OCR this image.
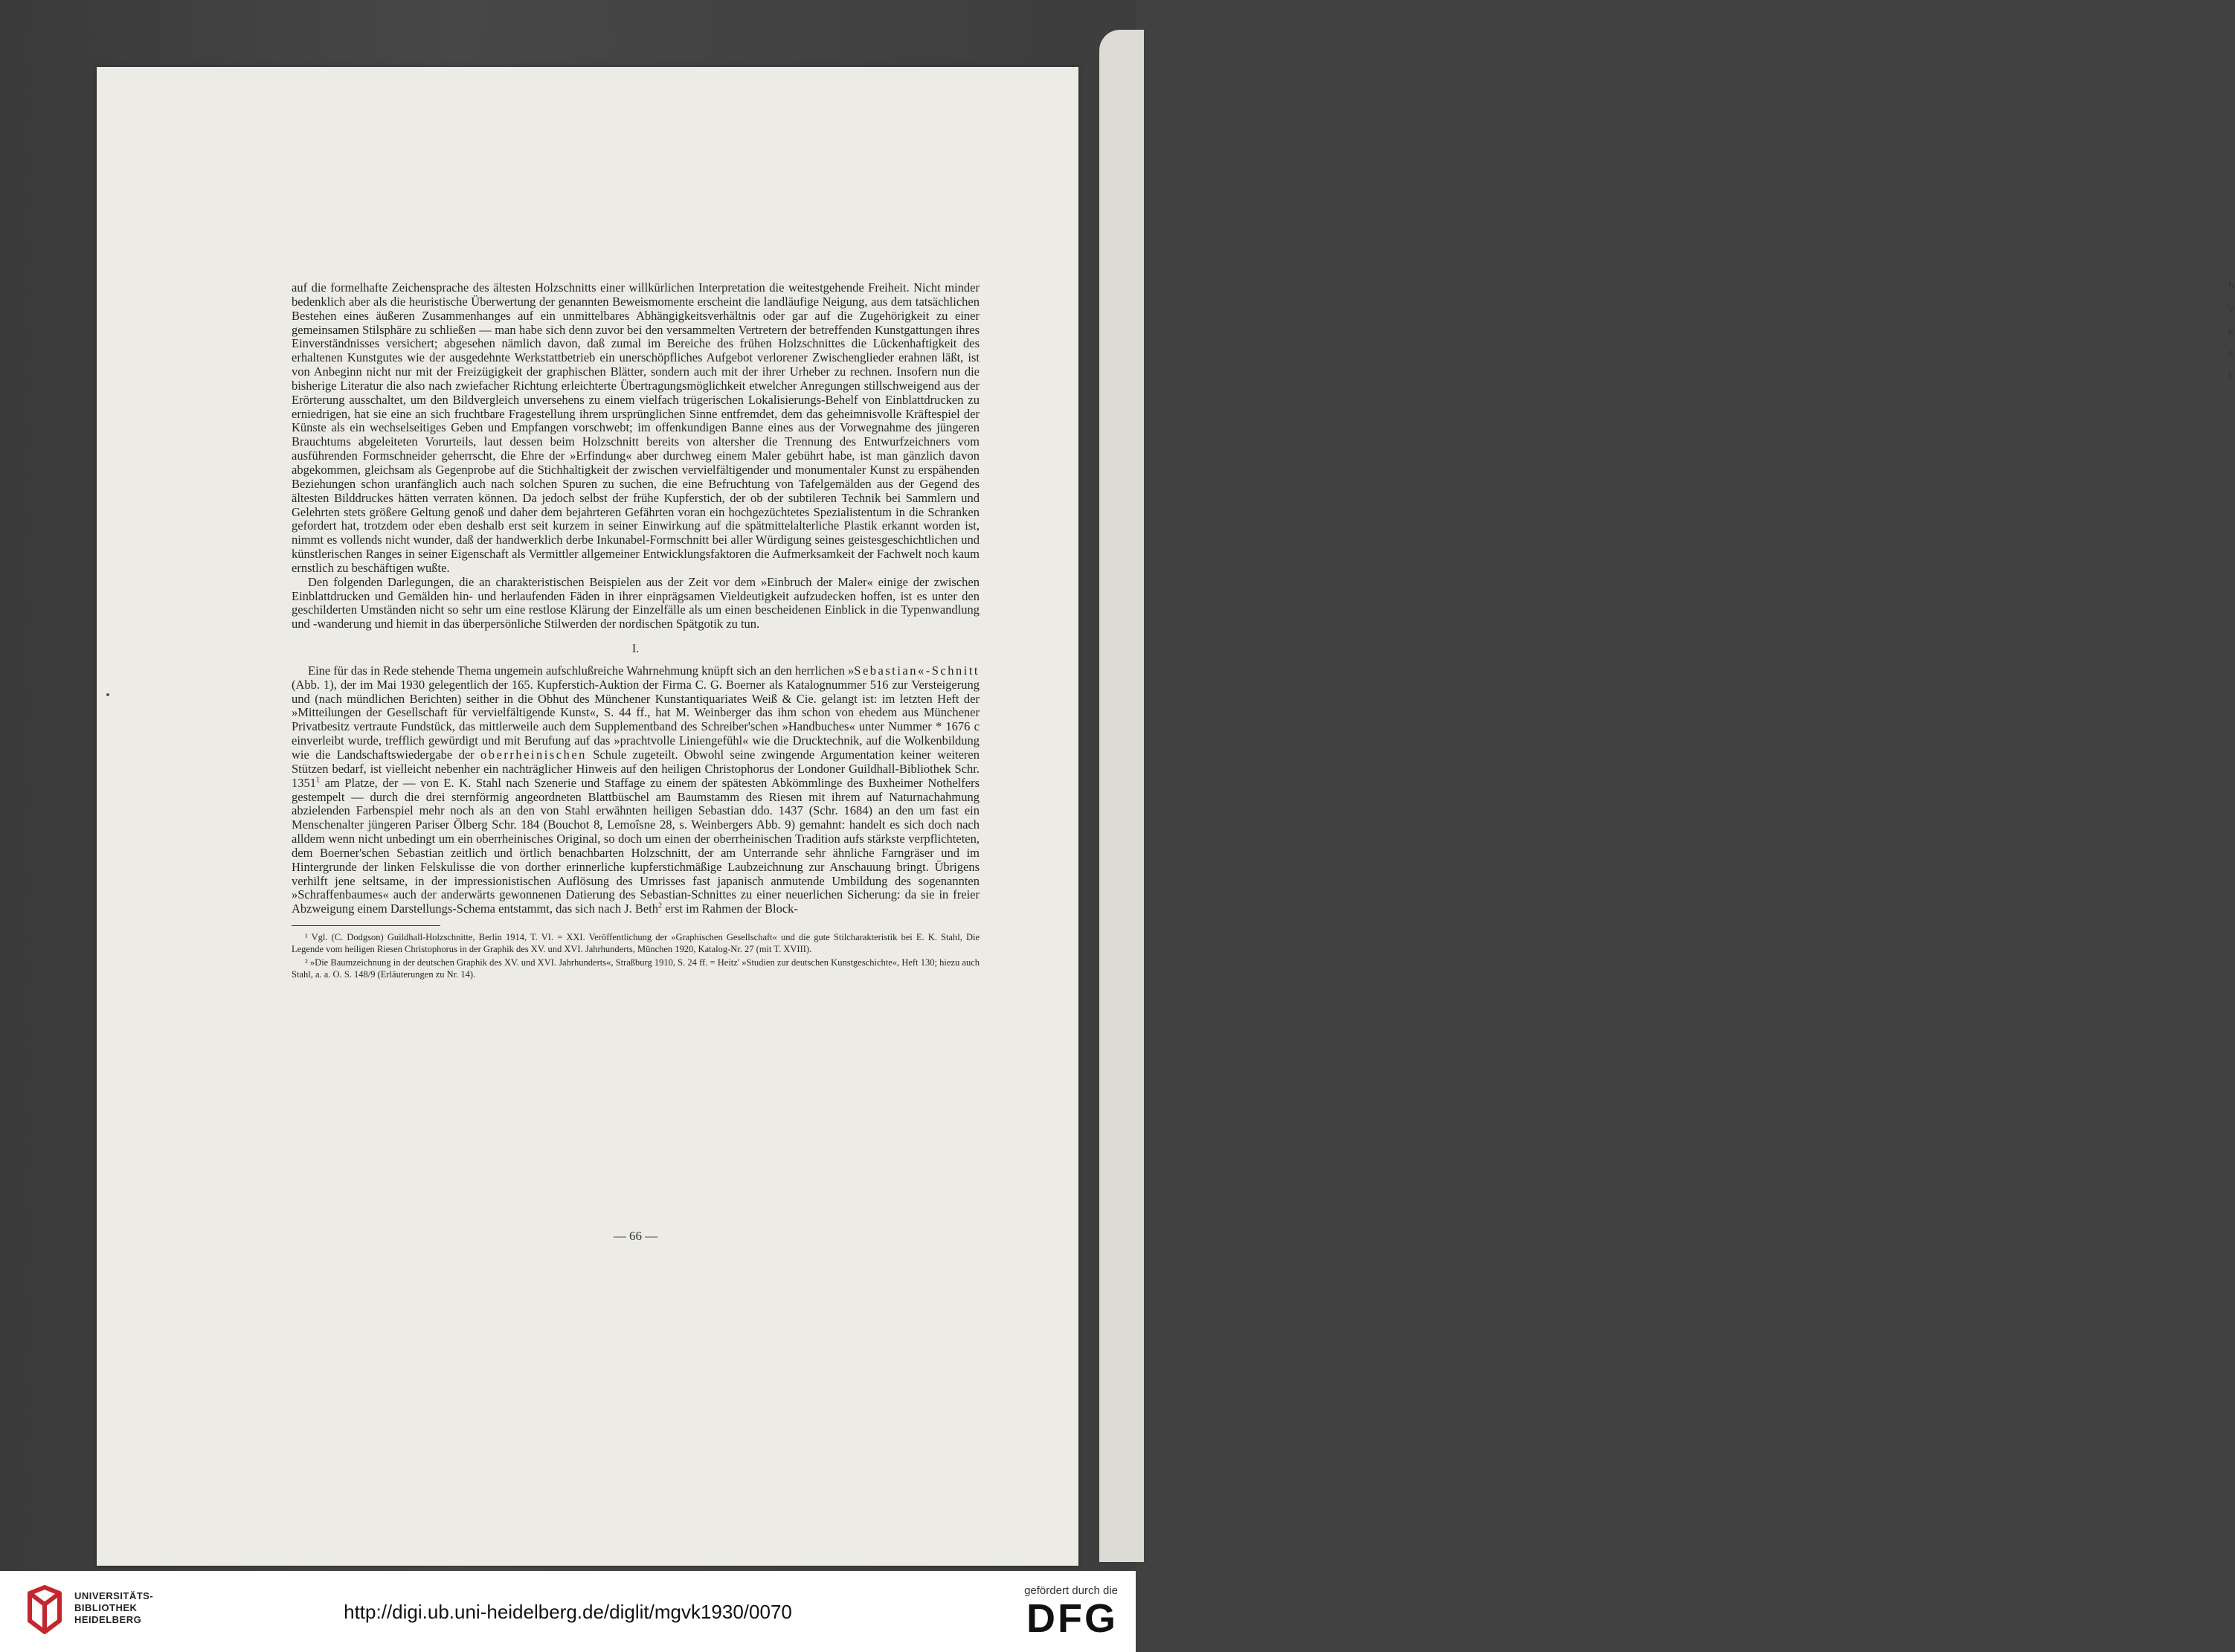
b v e a l

auf die formelhafte Zeichensprache des ältesten Holzschnitts einer willkürlichen Interpretation die weitestgehende Freiheit. Nicht minder bedenklich aber als die heuristische Überwertung der genannten Beweismomente erscheint die landläufige Neigung, aus dem tatsächlichen Bestehen eines äußeren Zusammenhanges auf ein unmittelbares Abhängigkeitsverhältnis oder gar auf die Zugehörigkeit zu einer gemeinsamen Stilsphäre zu schließen — man habe sich denn zuvor bei den versammelten Vertretern der betreffenden Kunstgattungen ihres Einverständnisses versichert; abgesehen nämlich davon, daß zumal im Bereiche des frühen Holzschnittes die Lückenhaftigkeit des erhaltenen Kunstgutes wie der ausgedehnte Werkstattbetrieb ein unerschöpfliches Aufgebot verlorener Zwischenglieder erahnen läßt, ist von Anbeginn nicht nur mit der Freizügigkeit der graphischen Blätter, sondern auch mit der ihrer Urheber zu rechnen. Insofern nun die bisherige Literatur die also nach zwiefacher Richtung erleichterte Übertragungsmöglichkeit etwelcher Anregungen stillschweigend aus der Erörterung ausschaltet, um den Bildvergleich unversehens zu einem vielfach trügerischen Lokalisierungs-Behelf von Einblattdrucken zu erniedrigen, hat sie eine an sich fruchtbare Fragestellung ihrem ursprünglichen Sinne entfremdet, dem das geheimnisvolle Kräftespiel der Künste als ein wechselseitiges Geben und Empfangen vorschwebt; im offenkundigen Banne eines aus der Vorwegnahme des jüngeren Brauchtums abgeleiteten Vorurteils, laut dessen beim Holzschnitt bereits von altersher die Trennung des Entwurfzeichners vom ausführenden Formschneider geherrscht, die Ehre der »Erfindung« aber durchweg einem Maler gebührt habe, ist man gänzlich davon abgekommen, gleichsam als Gegenprobe auf die Stichhaltigkeit der zwischen vervielfältigender und monumentaler Kunst zu erspähenden Beziehungen schon uranfänglich auch nach solchen Spuren zu suchen, die eine Befruchtung von Tafelgemälden aus der Gegend des ältesten Bilddruckes hätten verraten können. Da jedoch selbst der frühe Kupferstich, der ob der subtileren Technik bei Sammlern und Gelehrten stets größere Geltung genoß und daher dem bejahrteren Gefährten voran ein hochgezüchtetes Spezialistentum in die Schranken gefordert hat, trotzdem oder eben deshalb erst seit kurzem in seiner Einwirkung auf die spätmittelalterliche Plastik erkannt worden ist, nimmt es vollends nicht wunder, daß der handwerklich derbe Inkunabel-Formschnitt bei aller Würdigung seines geistesgeschichtlichen und künstlerischen Ranges in seiner Eigenschaft als Vermittler allgemeiner Entwicklungsfaktoren die Aufmerksamkeit der Fachwelt noch kaum ernstlich zu beschäftigen wußte.

Den folgenden Darlegungen, die an charakteristischen Beispielen aus der Zeit vor dem »Einbruch der Maler« einige der zwischen Einblattdrucken und Gemälden hin- und herlaufenden Fäden in ihrer einprägsamen Vieldeutigkeit aufzudecken hoffen, ist es unter den geschilderten Umständen nicht so sehr um eine restlose Klärung der Einzelfälle als um einen bescheidenen Einblick in die Typenwandlung und -wanderung und hiemit in das überpersönliche Stilwerden der nordischen Spätgotik zu tun.

I.

Eine für das in Rede stehende Thema ungemein aufschlußreiche Wahrnehmung knüpft sich an den herrlichen »Sebastian«-Schnitt (Abb. 1), der im Mai 1930 gelegentlich der 165. Kupferstich-Auktion der Firma C. G. Boerner als Katalognummer 516 zur Versteigerung und (nach mündlichen Berichten) seither in die Obhut des Münchener Kunstantiquariates Weiß & Cie. gelangt ist: im letzten Heft der »Mitteilungen der Gesellschaft für vervielfältigende Kunst«, S. 44 ff., hat M. Weinberger das ihm schon von ehedem aus Münchener Privatbesitz vertraute Fundstück, das mittlerweile auch dem Supplementband des Schreiber'schen »Handbuches« unter Nummer * 1676 c einverleibt wurde, trefflich gewürdigt und mit Berufung auf das »prachtvolle Liniengefühl« wie die Drucktechnik, auf die Wolkenbildung wie die Landschaftswiedergabe der oberrheinischen Schule zugeteilt. Obwohl seine zwingende Argumentation keiner weiteren Stützen bedarf, ist vielleicht nebenher ein nachträglicher Hinweis auf den heiligen Christophorus der Londoner Guildhall-Bibliothek Schr. 1351$^1$ am Platze, der — von E. K. Stahl nach Szenerie und Staffage zu einem der spätesten Abkömmlinge des Buxheimer Nothelfers gestempelt — durch die drei sternförmig angeordneten Blattbüschel am Baumstamm des Riesen mit ihrem auf Naturnachahmung abzielenden Farbenspiel mehr noch als an den von Stahl erwähnten heiligen Sebastian ddo. 1437 (Schr. 1684) an den um fast ein Menschenalter jüngeren Pariser Ölberg Schr. 184 (Bouchot 8, Lemoîsne 28, s. Weinbergers Abb. 9) gemahnt: handelt es sich doch nach alldem wenn nicht unbedingt um ein oberrheinisches Original, so doch um einen der oberrheinischen Tradition aufs stärkste verpflichteten, dem Boerner'schen Sebastian zeitlich und örtlich benachbarten Holzschnitt, der am Unterrande sehr ähnliche Farngräser und im Hintergrunde der linken Felskulisse die von dorther erinnerliche kupferstichmäßige Laubzeichnung zur Anschauung bringt. Übrigens verhilft jene seltsame, in der impressionistischen Auflösung des Umrisses fast japanisch anmutende Umbildung des sogenannten »Schraffenbaumes« auch der anderwärts gewonnenen Datierung des Sebastian-Schnittes zu einer neuerlichen Sicherung: da sie in freier Abzweigung einem Darstellungs-Schema entstammt, das sich nach J. Beth$^2$ erst im Rahmen der Block-

¹ Vgl. (C. Dodgson) Guildhall-Holzschnitte, Berlin 1914, T. VI. = XXI. Veröffentlichung der »Graphischen Gesellschaft« und die gute Stilcharakteristik bei E. K. Stahl, Die Legende vom heiligen Riesen Christophorus in der Graphik des XV. und XVI. Jahrhunderts, München 1920, Katalog-Nr. 27 (mit T. XVIII).

² »Die Baumzeichnung in der deutschen Graphik des XV. und XVI. Jahrhunderts«, Straßburg 1910, S. 24 ff. = Heitz' »Studien zur deutschen Kunstgeschichte«, Heft 130; hiezu auch Stahl, a. a. O. S. 148/9 (Erläuterungen zu Nr. 14).

— 66 —
UNIVERSITÄTS-
BIBLIOTHEK
HEIDELBERG	http://digi.ub.uni-heidelberg.de/diglit/mgvk1930/0070
gefördert durch die
DFG
